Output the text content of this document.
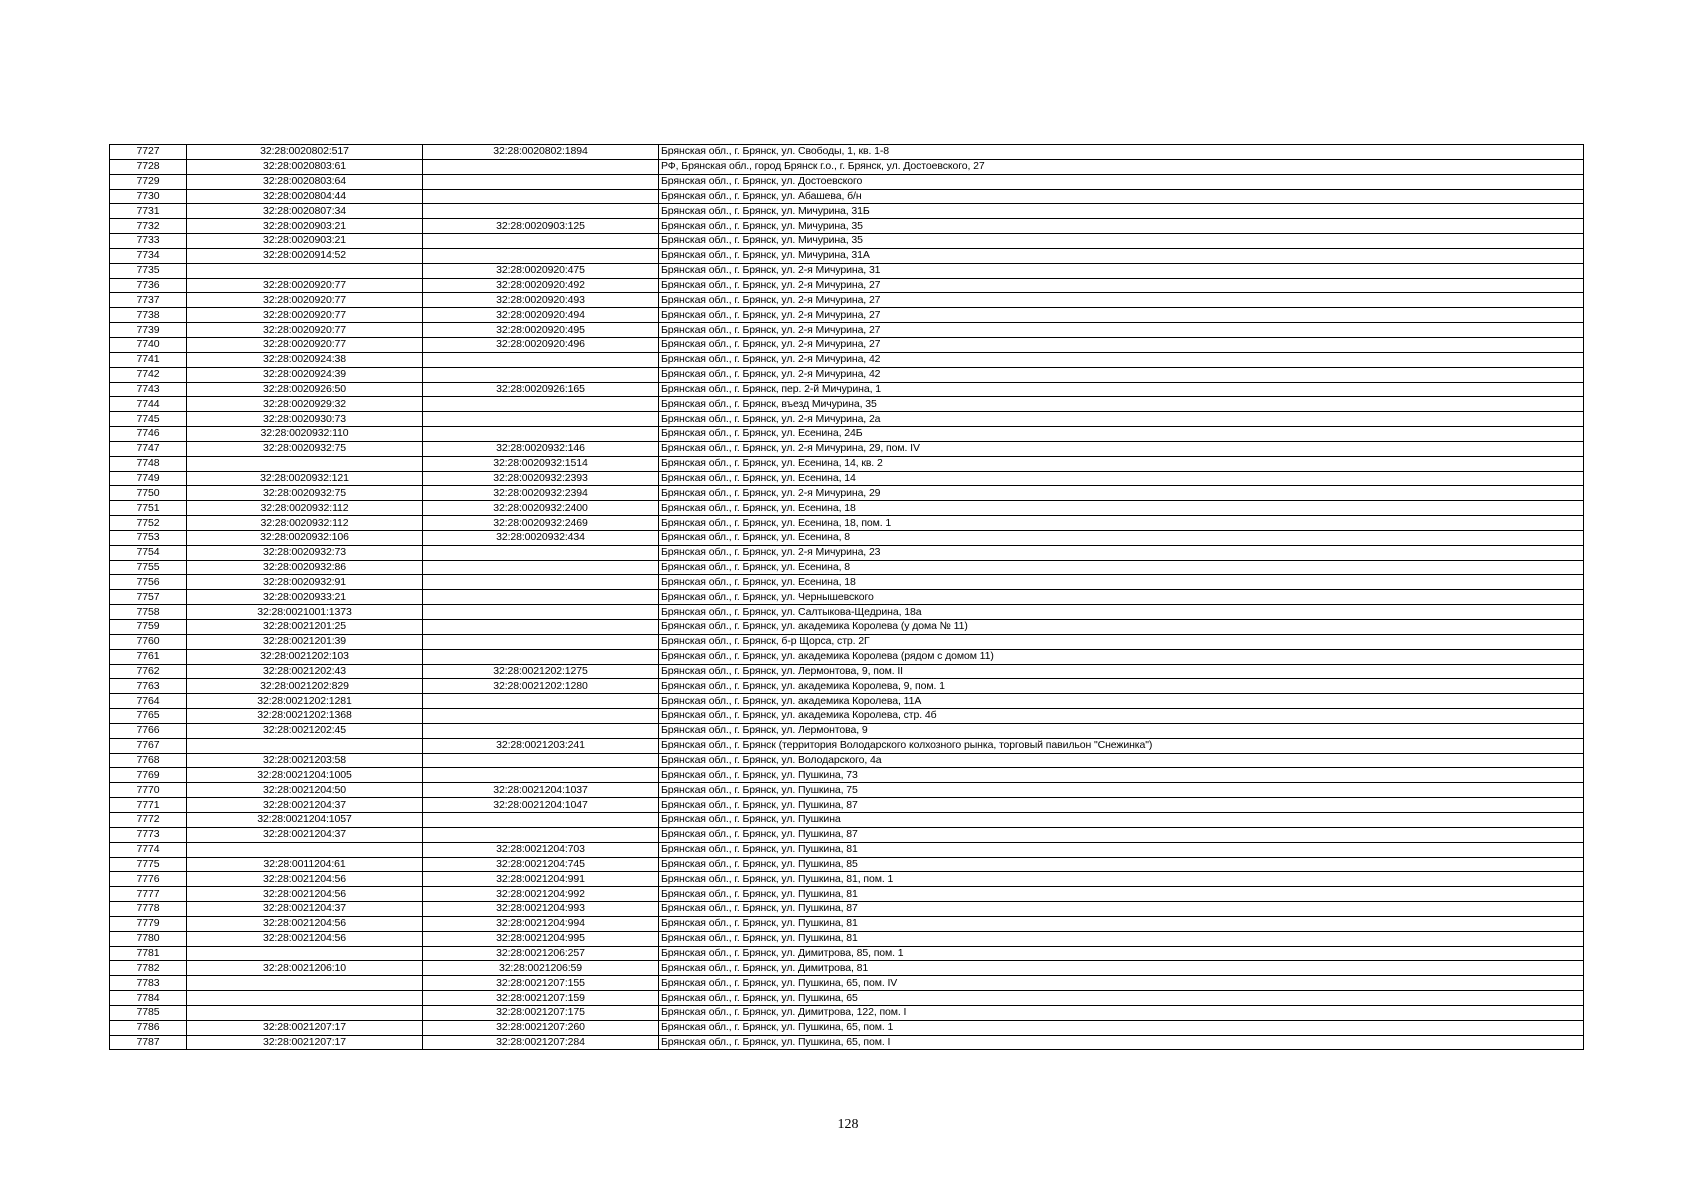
7727	32:28:0020802:517	32:28:0020802:1894	Брянская обл., г. Брянск, ул. Свободы, 1, кв. 1-8
7728	32:28:0020803:61		РФ, Брянская обл., город Брянск г.о., г. Брянск, ул. Достоевского, 27
7729	32:28:0020803:64		Брянская обл., г. Брянск, ул. Достоевского
7730	32:28:0020804:44		Брянская обл., г. Брянск, ул. Абашева, б/н
7731	32:28:0020807:34		Брянская обл., г. Брянск, ул. Мичурина, 31Б
7732	32:28:0020903:21	32:28:0020903:125	Брянская обл., г. Брянск, ул. Мичурина, 35
7733	32:28:0020903:21		Брянская обл., г. Брянск, ул. Мичурина, 35
7734	32:28:0020914:52		Брянская обл., г. Брянск, ул. Мичурина, 31А
7735		32:28:0020920:475	Брянская обл., г. Брянск, ул. 2-я Мичурина, 31
7736	32:28:0020920:77	32:28:0020920:492	Брянская обл., г. Брянск, ул. 2-я Мичурина, 27
7737	32:28:0020920:77	32:28:0020920:493	Брянская обл., г. Брянск, ул. 2-я Мичурина, 27
7738	32:28:0020920:77	32:28:0020920:494	Брянская обл., г. Брянск, ул. 2-я Мичурина, 27
7739	32:28:0020920:77	32:28:0020920:495	Брянская обл., г. Брянск, ул. 2-я Мичурина, 27
7740	32:28:0020920:77	32:28:0020920:496	Брянская обл., г. Брянск, ул. 2-я Мичурина, 27
7741	32:28:0020924:38		Брянская обл., г. Брянск, ул. 2-я Мичурина, 42
7742	32:28:0020924:39		Брянская обл., г. Брянск, ул. 2-я Мичурина, 42
7743	32:28:0020926:50	32:28:0020926:165	Брянская обл., г. Брянск, пер. 2-й Мичурина, 1
7744	32:28:0020929:32		Брянская обл., г. Брянск, въезд Мичурина, 35
7745	32:28:0020930:73		Брянская обл., г. Брянск, ул. 2-я Мичурина, 2а
7746	32:28:0020932:110		Брянская обл., г. Брянск, ул. Есенина, 24Б
7747	32:28:0020932:75	32:28:0020932:146	Брянская обл., г. Брянск, ул. 2-я Мичурина, 29, пом. IV
7748		32:28:0020932:1514	Брянская обл., г. Брянск, ул. Есенина, 14, кв. 2
7749	32:28:0020932:121	32:28:0020932:2393	Брянская обл., г. Брянск, ул. Есенина, 14
7750	32:28:0020932:75	32:28:0020932:2394	Брянская обл., г. Брянск, ул. 2-я Мичурина, 29
7751	32:28:0020932:112	32:28:0020932:2400	Брянская обл., г. Брянск, ул. Есенина, 18
7752	32:28:0020932:112	32:28:0020932:2469	Брянская обл., г. Брянск, ул. Есенина, 18, пом. 1
7753	32:28:0020932:106	32:28:0020932:434	Брянская обл., г. Брянск, ул. Есенина, 8
7754	32:28:0020932:73		Брянская обл., г. Брянск, ул. 2-я Мичурина, 23
7755	32:28:0020932:86		Брянская обл., г. Брянск, ул. Есенина, 8
7756	32:28:0020932:91		Брянская обл., г. Брянск, ул. Есенина, 18
7757	32:28:0020933:21		Брянская обл., г. Брянск, ул. Чернышевского
7758	32:28:0021001:1373		Брянская обл., г. Брянск, ул. Салтыкова-Щедрина, 18а
7759	32:28:0021201:25		Брянская обл., г. Брянск, ул. академика Королева (у дома № 11)
7760	32:28:0021201:39		Брянская обл., г. Брянск, б-р Щорса, стр. 2Г
7761	32:28:0021202:103		Брянская обл., г. Брянск, ул. академика Королева (рядом с домом 11)
7762	32:28:0021202:43	32:28:0021202:1275	Брянская обл., г. Брянск, ул. Лермонтова, 9, пом. II
7763	32:28:0021202:829	32:28:0021202:1280	Брянская обл., г. Брянск, ул. академика Королева, 9, пом. 1
7764	32:28:0021202:1281		Брянская обл., г. Брянск, ул. академика Королева, 11А
7765	32:28:0021202:1368		Брянская обл., г. Брянск, ул. академика Королева, стр. 4б
7766	32:28:0021202:45		Брянская обл., г. Брянск, ул. Лермонтова, 9
7767		32:28:0021203:241	Брянская обл., г. Брянск (территория Володарского колхозного рынка, торговый павильон "Снежинка")
7768	32:28:0021203:58		Брянская обл., г. Брянск, ул. Володарского, 4а
7769	32:28:0021204:1005		Брянская обл., г. Брянск, ул. Пушкина, 73
7770	32:28:0021204:50	32:28:0021204:1037	Брянская обл., г. Брянск, ул. Пушкина, 75
7771	32:28:0021204:37	32:28:0021204:1047	Брянская обл., г. Брянск, ул. Пушкина, 87
7772	32:28:0021204:1057		Брянская обл., г. Брянск, ул. Пушкина
7773	32:28:0021204:37		Брянская обл., г. Брянск, ул. Пушкина, 87
7774		32:28:0021204:703	Брянская обл., г. Брянск, ул. Пушкина, 81
7775	32:28:0011204:61	32:28:0021204:745	Брянская обл., г. Брянск, ул. Пушкина, 85
7776	32:28:0021204:56	32:28:0021204:991	Брянская обл., г. Брянск, ул. Пушкина, 81, пом. 1
7777	32:28:0021204:56	32:28:0021204:992	Брянская обл., г. Брянск, ул. Пушкина, 81
7778	32:28:0021204:37	32:28:0021204:993	Брянская обл., г. Брянск, ул. Пушкина, 87
7779	32:28:0021204:56	32:28:0021204:994	Брянская обл., г. Брянск, ул. Пушкина, 81
7780	32:28:0021204:56	32:28:0021204:995	Брянская обл., г. Брянск, ул. Пушкина, 81
7781		32:28:0021206:257	Брянская обл., г. Брянск, ул. Димитрова, 85, пом. 1
7782	32:28:0021206:10	32:28:0021206:59	Брянская обл., г. Брянск, ул. Димитрова, 81
7783		32:28:0021207:155	Брянская обл., г. Брянск, ул. Пушкина, 65, пом. IV
7784		32:28:0021207:159	Брянская обл., г. Брянск, ул. Пушкина, 65
7785		32:28:0021207:175	Брянская обл., г. Брянск, ул. Димитрова, 122, пом. I
7786	32:28:0021207:17	32:28:0021207:260	Брянская обл., г. Брянск, ул. Пушкина, 65, пом. 1
7787	32:28:0021207:17	32:28:0021207:284	Брянская обл., г. Брянск, ул. Пушкина, 65, пом. I
128
